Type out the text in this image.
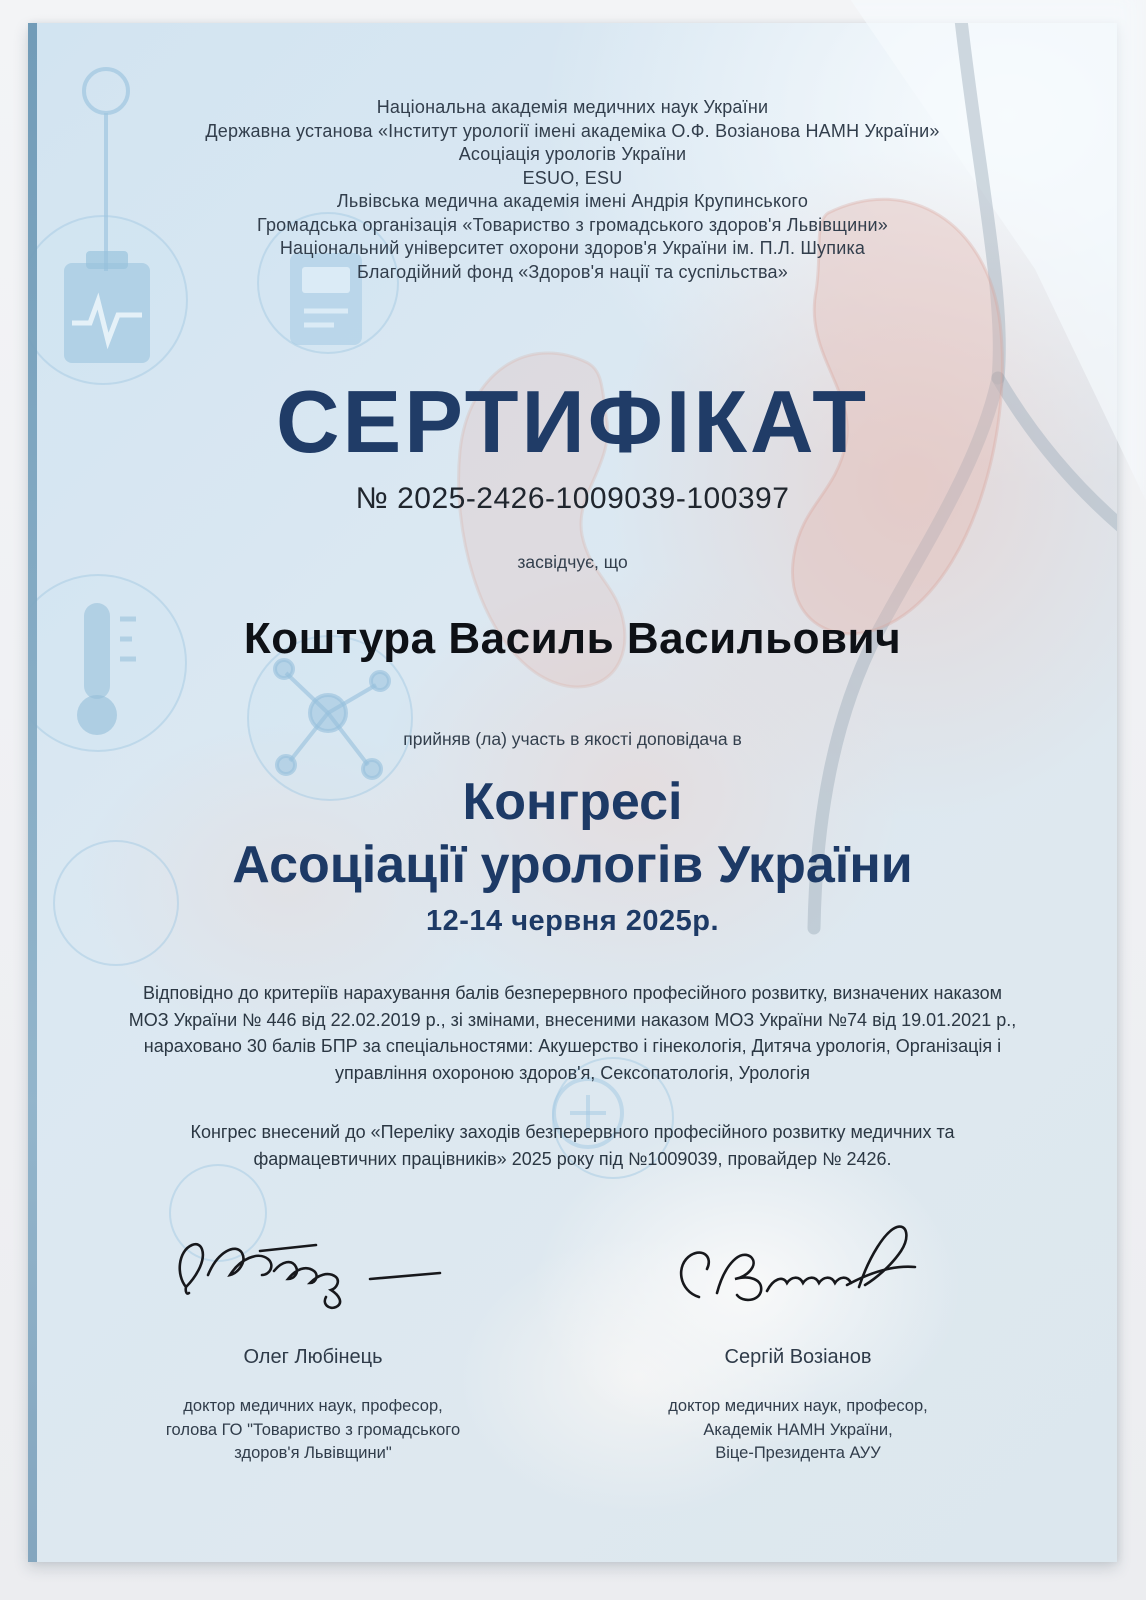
Національна академія медичних наук України
Державна установа «Інститут урології імені академіка О.Ф. Возіанова НАМН України»
Асоціація урологів України
ESUO, ESU
Львівська медична академія імені Андрія Крупинського
Громадська організація «Товариство з громадського здоров'я Львівщини»
Національний університет охорони здоров'я України ім. П.Л. Шупика
Благодійний фонд «Здоров'я нації та суспільства»
СЕРТИФІКАТ
№ 2025-2426-1009039-100397
засвідчує, що
Коштура Василь Васильович
прийняв (ла) участь в якості доповідача в
Конгресі
Асоціації урологів України
12-14 червня 2025р.
Відповідно до критеріїв нарахування балів безперервного професійного розвитку, визначених наказом МОЗ України № 446 від 22.02.2019 р., зі змінами, внесеними наказом МОЗ України №74 від 19.01.2021 р., нараховано 30 балів БПР за спеціальностями: Акушерство і гінекологія, Дитяча урологія, Організація і управління охороною здоров'я, Сексопатологія, Урологія
Конгрес внесений до «Переліку заходів безперервного професійного розвитку медичних та фармацевтичних працівників» 2025 року під №1009039, провайдер № 2426.
Олег Любінець
доктор медичних наук, професор,
голова ГО "Товариство з громадського
здоров'я Львівщини"
Сергій Возіанов
доктор медичних наук, професор,
Академік НАМН України,
Віце-Президента АУУ
